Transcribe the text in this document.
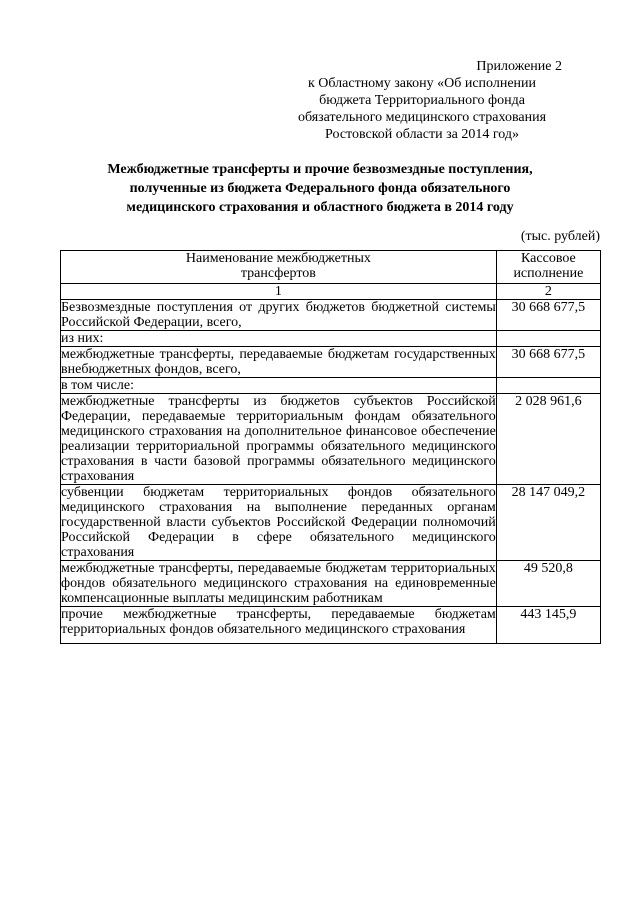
Приложение 2
к Областному закону «Об исполнении
бюджета Территориального фонда
обязательного медицинского страхования
Ростовской области за 2014 год»
Межбюджетные трансферты и прочие безвозмездные поступления,
полученные из бюджета Федерального фонда обязательного
медицинского страхования и областного бюджета в 2014 году
(тыс. рублей)
Наименование межбюджетных трансфертов	Кассовое исполнение
1	2
Безвозмездные поступления от других бюджетов бюджетной системы Российской Федерации, всего,	30 668 677,5
из них:	
межбюджетные трансферты, передаваемые бюджетам государственных внебюджетных фондов, всего,	30 668 677,5
в том числе:	
межбюджетные трансферты из бюджетов субъектов Российской Федерации, передаваемые территориальным фондам обязательного медицинского страхования на дополнительное финансовое обеспечение реализации территориальной программы обязательного медицинского страхования в части базовой программы обязательного медицинского страхования	2 028 961,6
субвенции бюджетам территориальных фондов обязательного медицинского страхования на выполнение переданных органам государственной власти субъектов Российской Федерации полномочий Российской Федерации в сфере обязательного медицинского страхования	28 147 049,2
межбюджетные трансферты, передаваемые бюджетам территориальных фондов обязательного медицинского страхования на единовременные компенсационные выплаты медицинским работникам	49 520,8
прочие межбюджетные трансферты, передаваемые бюджетам территориальных фондов обязательного медицинского страхования	443 145,9
